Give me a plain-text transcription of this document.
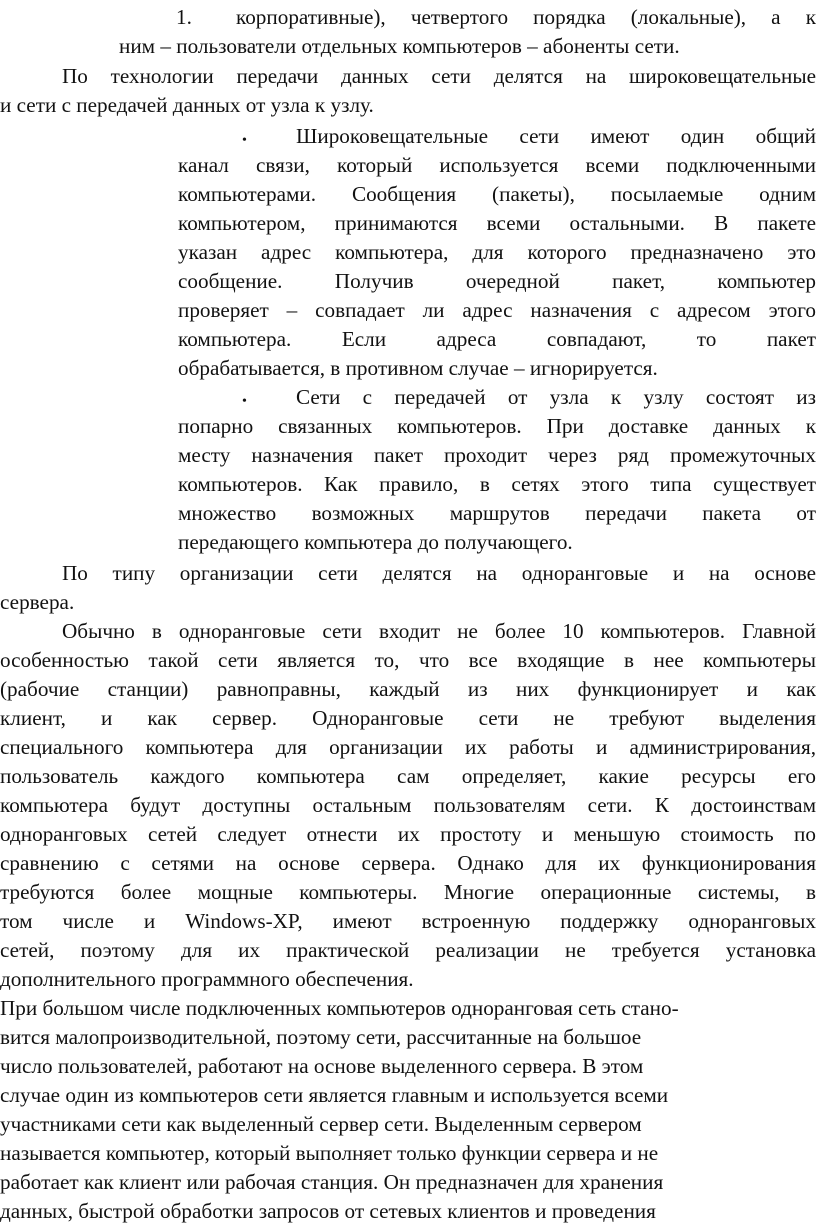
1. корпоративные), четвертого порядка (локальные), а к
ним – пользователи отдельных компьютеров – абоненты сети.
По технологии передачи данных сети делятся на широковещательные
и сети с передачей данных от узла к узлу.
• Широковещательные сети имеют один общий
канал связи, который используется всеми подключенными
компьютерами. Сообщения (пакеты), посылаемые одним
компьютером, принимаются всеми остальными. В пакете
указан адрес компьютера, для которого предназначено это
сообщение. Получив очередной пакет, компьютер
проверяет – совпадает ли адрес назначения с адресом этого
компьютера. Если адреса совпадают, то пакет
обрабатывается, в противном случае – игнорируется.
• Сети с передачей от узла к узлу состоят из
попарно связанных компьютеров. При доставке данных к
месту назначения пакет проходит через ряд промежуточных
компьютеров. Как правило, в сетях этого типа существует
множество возможных маршрутов передачи пакета от
передающего компьютера до получающего.
По типу организации сети делятся на одноранговые и на основе
сервера.
Обычно в одноранговые сети входит не более 10 компьютеров. Главной
особенностью такой сети является то, что все входящие в нее компьютеры
(рабочие станции) равноправны, каждый из них функционирует и как
клиент, и как сервер. Одноранговые сети не требуют выделения
специального компьютера для организации их работы и администрирования,
пользователь каждого компьютера сам определяет, какие ресурсы его
компьютера будут доступны остальным пользователям сети. К достоинствам
одноранговых сетей следует отнести их простоту и меньшую стоимость по
сравнению с сетями на основе сервера. Однако для их функционирования
требуются более мощные компьютеры. Многие операционные системы, в
том числе и Windows-XP, имеют встроенную поддержку одноранговых
сетей, поэтому для их практической реализации не требуется установка
дополнительного программного обеспечения.
При большом числе подключенных компьютеров одноранговая сеть стано-
вится малопроизводительной, поэтому сети, рассчитанные на большое
число пользователей, работают на основе выделенного сервера. В этом
случае один из компьютеров сети является главным и используется всеми
участниками сети как выделенный сервер сети. Выделенным сервером
называется компьютер, который выполняет только функции сервера и не
работает как клиент или рабочая станция. Он предназначен для хранения
данных, быстрой обработки запросов от сетевых клиентов и проведения
